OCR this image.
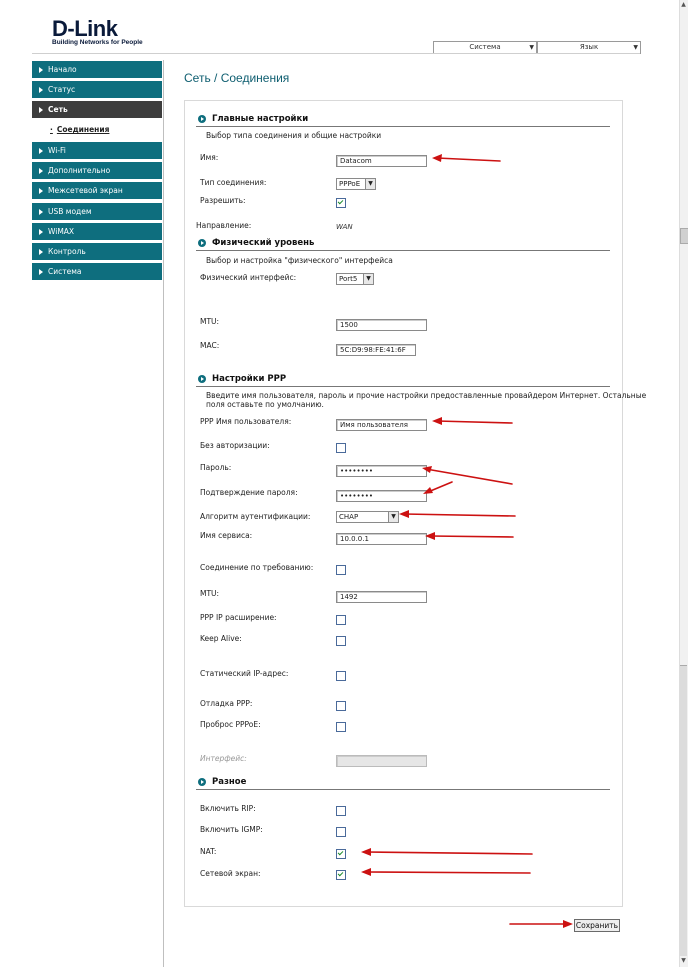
D-Link
Building Networks for People
Система	▼	Язык	▼
Начало
Статус
Сеть
· Соединения
Wi-Fi
Дополнительно
Межсетевой экран
USB модем
WiMAX
Контроль
Система
Сеть / Соединения
Главные настройки
Выбор типа соединения и общие настройки
Имя:	Datacom
Тип соединения:	PPPoE	▼
Разрешить:
Направление:	WAN
Физический уровень
Выбор и настройка "физического" интерфейса
Физический интерфейс:	Port5	▼
MTU:	1500
MAC:	5C:D9:98:FE:41:6F
Настройки PPP
Введите имя пользователя, пароль и прочие настройки предоставленные провайдером Интернет. Остальные
поля оставьте по умолчанию.
PPP Имя пользователя:	Имя пользователя
Без авторизации:
Пароль:	••••••••
Подтверждение пароля:	••••••••
Алгоритм аутентификации:	CHAP	▼
Имя сервиса:	10.0.0.1
Соединение по требованию:
MTU:	1492
PPP IP расширение:
Keep Alive:
Статический IP-адрес:
Отладка PPP:
Проброс PPPoE:
Интерфейс:
Разное
Включить RIP:
Включить IGMP:
NAT:
Сетевой экран:
Сохранить
▲
▼
